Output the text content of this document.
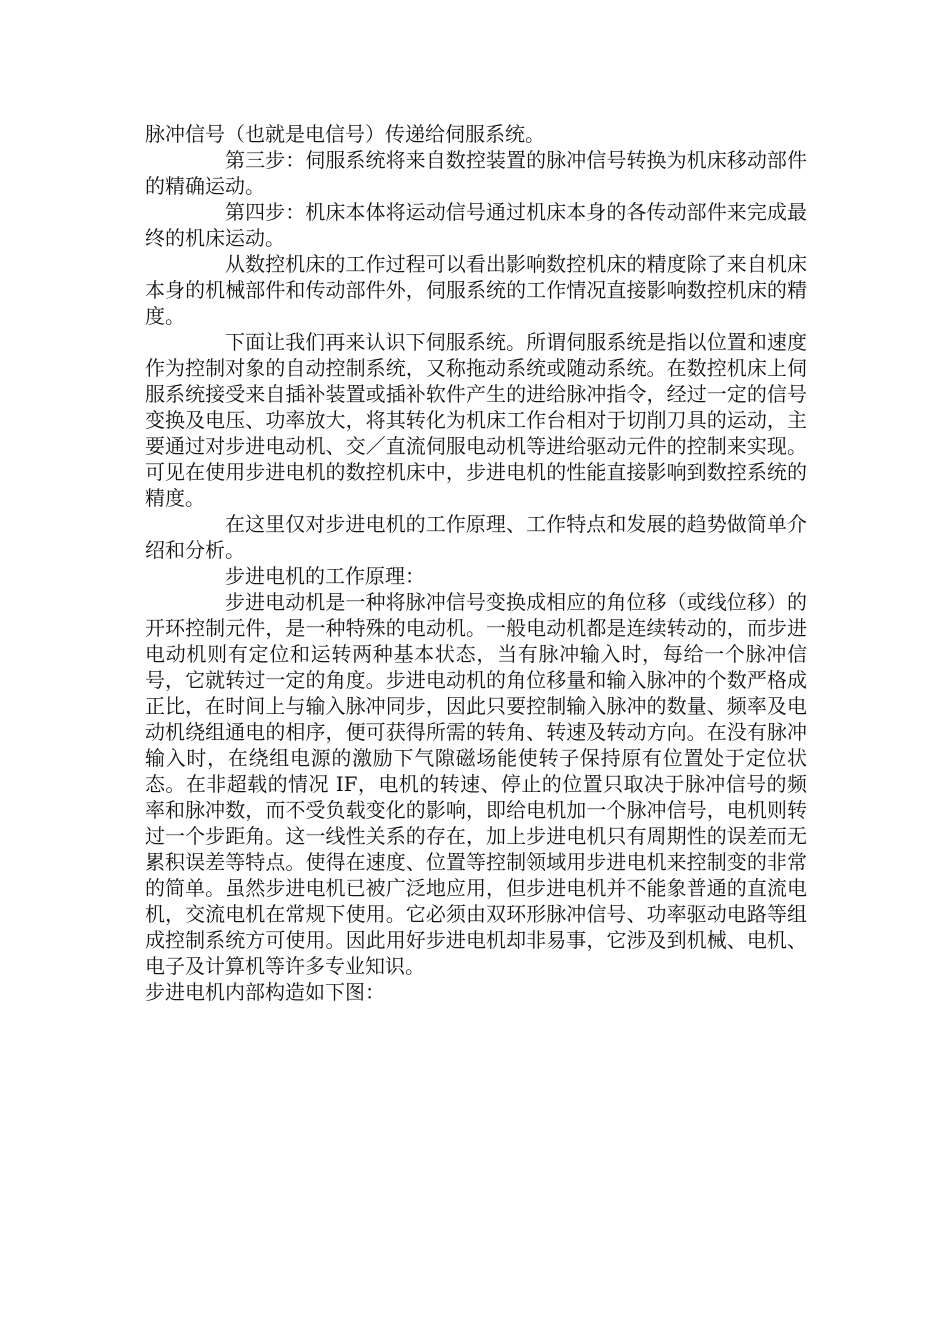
脉冲信号（也就是电信号）传递给伺服系统。

第三步：伺服系统将来自数控装置的脉冲信号转换为机床移动部件的精确运动。

第四步：机床本体将运动信号通过机床本身的各传动部件来完成最终的机床运动。

从数控机床的工作过程可以看出影响数控机床的精度除了来自机床本身的机械部件和传动部件外，伺服系统的工作情况直接影响数控机床的精度。

下面让我们再来认识下伺服系统。所谓伺服系统是指以位置和速度作为控制对象的自动控制系统，又称拖动系统或随动系统。在数控机床上伺服系统接受来自插补装置或插补软件产生的进给脉冲指令，经过一定的信号变换及电压、功率放大，将其转化为机床工作台相对于切削刀具的运动，主要通过对步进电动机、交／直流伺服电动机等进给驱动元件的控制来实现。可见在使用步进电机的数控机床中，步进电机的性能直接影响到数控系统的精度。

在这里仅对步进电机的工作原理、工作特点和发展的趋势做简单介绍和分析。

步进电机的工作原理：

步进电动机是一种将脉冲信号变换成相应的角位移（或线位移）的开环控制元件，是一种特殊的电动机。一般电动机都是连续转动的，而步进电动机则有定位和运转两种基本状态，当有脉冲输入时，每给一个脉冲信号，它就转过一定的角度。步进电动机的角位移量和输入脉冲的个数严格成正比，在时间上与输入脉冲同步，因此只要控制输入脉冲的数量、频率及电动机绕组通电的相序，便可获得所需的转角、转速及转动方向。在没有脉冲输入时，在绕组电源的激励下气隙磁场能使转子保持原有位置处于定位状态。在非超载的情况 IF，电机的转速、停止的位置只取决于脉冲信号的频率和脉冲数，而不受负载变化的影响，即给电机加一个脉冲信号，电机则转过一个步距角。这一线性关系的存在，加上步进电机只有周期性的误差而无累积误差等特点。使得在速度、位置等控制领域用步进电机来控制变的非常的简单。虽然步进电机已被广泛地应用，但步进电机并不能象普通的直流电机，交流电机在常规下使用。它必须由双环形脉冲信号、功率驱动电路等组成控制系统方可使用。因此用好步进电机却非易事，它涉及到机械、电机、电子及计算机等许多专业知识。

步进电机内部构造如下图：
